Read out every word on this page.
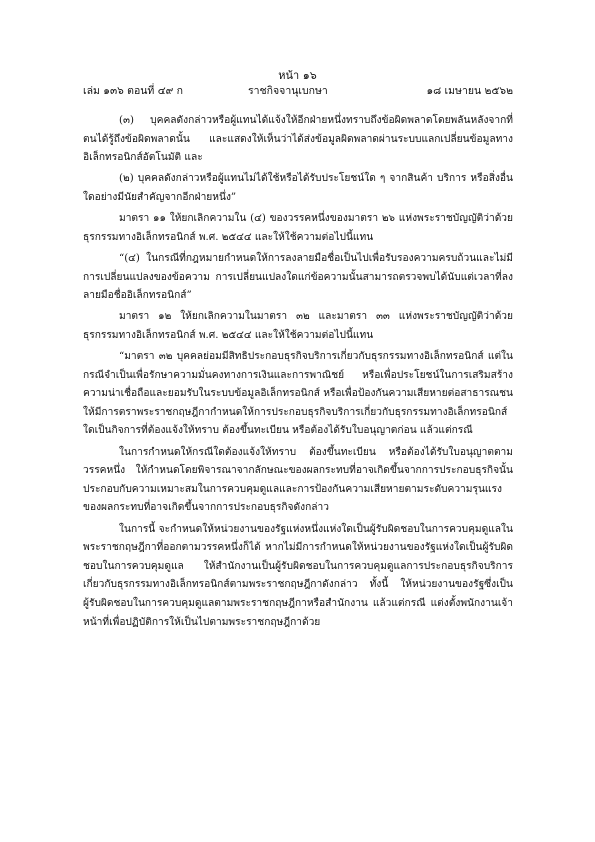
หน้า ๑๖
เล่ม ๑๓๖ ตอนที่ ๔๙ ก	ราชกิจจานุเบกษา	๑๘ เมษายน ๒๕๖๒

(๓) บุคคลดังกล่าวหรือผู้แทนได้แจ้งให้อีกฝ่ายหนึ่งทราบถึงข้อผิดพลาดโดยพลันหลังจากที่ตนได้รู้ถึงข้อผิดพลาดนั้น และแสดงให้เห็นว่าได้ส่งข้อมูลผิดพลาดผ่านระบบแลกเปลี่ยนข้อมูลทางอิเล็กทรอนิกส์อัตโนมัติ และ

(๒) บุคคลดังกล่าวหรือผู้แทนไม่ได้ใช้หรือได้รับประโยชน์ใด ๆ จากสินค้า บริการ หรือสิ่งอื่นใดอย่างมีนัยสำคัญจากอีกฝ่ายหนึ่ง”

มาตรา ๑๑ ให้ยกเลิกความใน (๔) ของวรรคหนึ่งของมาตรา ๒๖ แห่งพระราชบัญญัติว่าด้วยธุรกรรมทางอิเล็กทรอนิกส์ พ.ศ. ๒๕๔๔ และให้ใช้ความต่อไปนี้แทน

“(๔) ในกรณีที่กฎหมายกำหนดให้การลงลายมือชื่อเป็นไปเพื่อรับรองความครบถ้วนและไม่มีการเปลี่ยนแปลงของข้อความ การเปลี่ยนแปลงใดแก่ข้อความนั้นสามารถตรวจพบได้นับแต่เวลาที่ลงลายมือชื่ออิเล็กทรอนิกส์”

มาตรา ๑๒ ให้ยกเลิกความในมาตรา ๓๒ และมาตรา ๓๓ แห่งพระราชบัญญัติว่าด้วยธุรกรรมทางอิเล็กทรอนิกส์ พ.ศ. ๒๕๔๔ และให้ใช้ความต่อไปนี้แทน

“มาตรา ๓๒ บุคคลย่อมมีสิทธิประกอบธุรกิจบริการเกี่ยวกับธุรกรรมทางอิเล็กทรอนิกส์ แต่ในกรณีจำเป็นเพื่อรักษาความมั่นคงทางการเงินและการพาณิชย์ หรือเพื่อประโยชน์ในการเสริมสร้างความน่าเชื่อถือและยอมรับในระบบข้อมูลอิเล็กทรอนิกส์ หรือเพื่อป้องกันความเสียหายต่อสาธารณชน ให้มีการตราพระราชกฤษฎีกากำหนดให้การประกอบธุรกิจบริการเกี่ยวกับธุรกรรมทางอิเล็กทรอนิกส์ใดเป็นกิจการที่ต้องแจ้งให้ทราบ ต้องขึ้นทะเบียน หรือต้องได้รับใบอนุญาตก่อน แล้วแต่กรณี

ในการกำหนดให้กรณีใดต้องแจ้งให้ทราบ ต้องขึ้นทะเบียน หรือต้องได้รับใบอนุญาตตามวรรคหนึ่ง ให้กำหนดโดยพิจารณาจากลักษณะของผลกระทบที่อาจเกิดขึ้นจากการประกอบธุรกิจนั้นประกอบกับความเหมาะสมในการควบคุมดูแลและการป้องกันความเสียหายตามระดับความรุนแรงของผลกระทบที่อาจเกิดขึ้นจากการประกอบธุรกิจดังกล่าว

ในการนี้ จะกำหนดให้หน่วยงานของรัฐแห่งหนึ่งแห่งใดเป็นผู้รับผิดชอบในการควบคุมดูแลในพระราชกฤษฎีกาที่ออกตามวรรคหนึ่งก็ได้ หากไม่มีการกำหนดให้หน่วยงานของรัฐแห่งใดเป็นผู้รับผิดชอบในการควบคุมดูแล ให้สำนักงานเป็นผู้รับผิดชอบในการควบคุมดูแลการประกอบธุรกิจบริการเกี่ยวกับธุรกรรมทางอิเล็กทรอนิกส์ตามพระราชกฤษฎีกาดังกล่าว ทั้งนี้ ให้หน่วยงานของรัฐซึ่งเป็นผู้รับผิดชอบในการควบคุมดูแลตามพระราชกฤษฎีกาหรือสำนักงาน แล้วแต่กรณี แต่งตั้งพนักงานเจ้าหน้าที่เพื่อปฏิบัติการให้เป็นไปตามพระราชกฤษฎีกาด้วย
